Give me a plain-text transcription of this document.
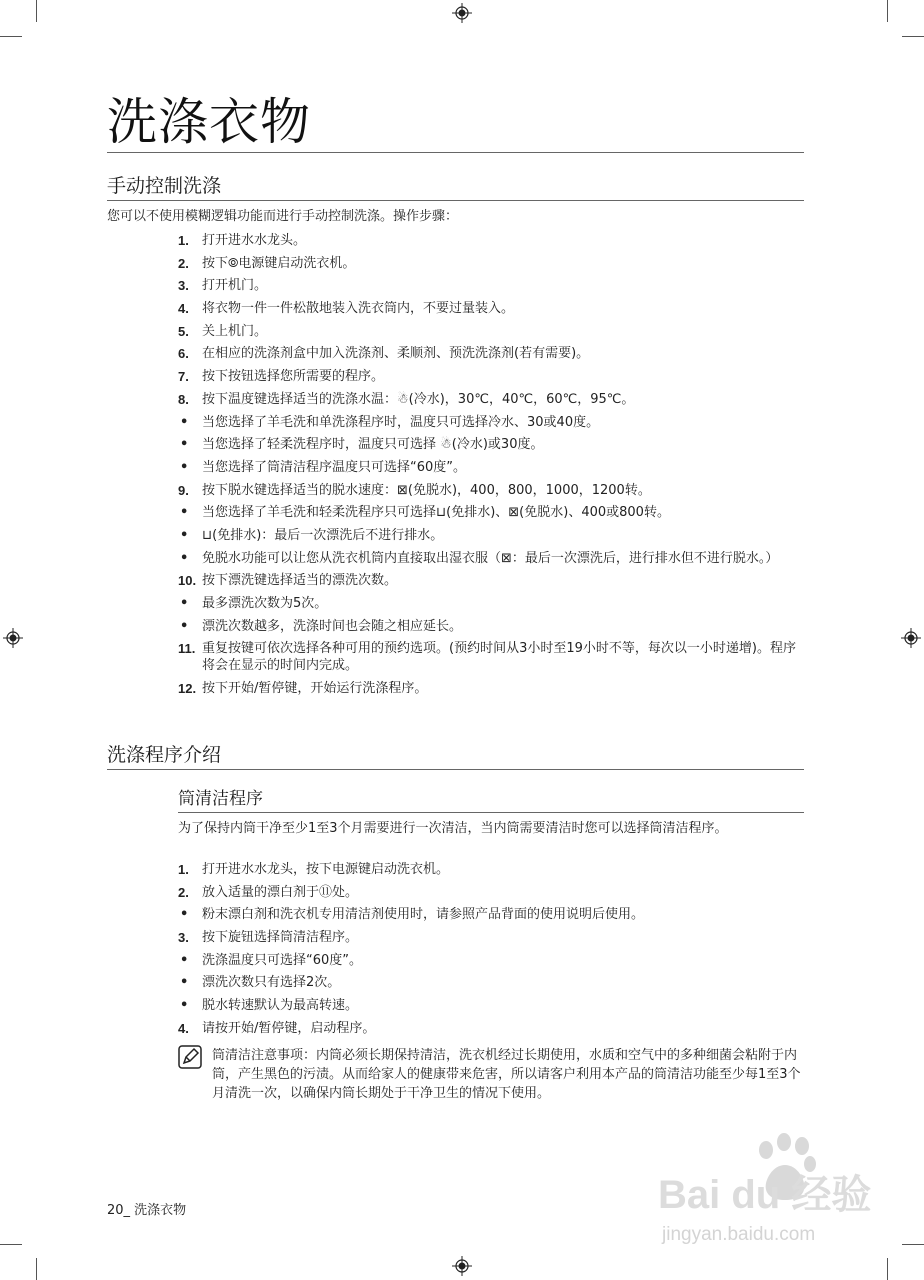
洗涤衣物
手动控制洗涤
您可以不使用模糊逻辑功能而进行手动控制洗涤。操作步骤：
1. 打开进水水龙头。
2. 按下⦾电源键启动洗衣机。
3. 打开机门。
4. 将衣物一件一件松散地装入洗衣筒内，不要过量装入。
5. 关上机门。
6. 在相应的洗涤剂盒中加入洗涤剂、柔顺剂、预洗洗涤剂(若有需要)。
7. 按下按钮选择您所需要的程序。
8. 按下温度键选择适当的洗涤水温：☃(冷水)，30℃，40℃，60℃，95℃。
• 当您选择了羊毛洗和单洗涤程序时，温度只可选择冷水、30或40度。
• 当您选择了轻柔洗程序时，温度只可选择 ☃(冷水)或30度。
• 当您选择了筒清洁程序温度只可选择“60度”。
9. 按下脱水键选择适当的脱水速度：⊠(免脱水)，400，800，1000，1200转。
• 当您选择了羊毛洗和轻柔洗程序只可选择⊔(免排水)、⊠(免脱水)、400或800转。
• ⊔(免排水)：最后一次漂洗后不进行排水。
• 免脱水功能可以让您从洗衣机筒内直接取出湿衣服（⊠：最后一次漂洗后，进行排水但不进行脱水。）
10. 按下漂洗键选择适当的漂洗次数。
• 最多漂洗次数为5次。
• 漂洗次数越多，洗涤时间也会随之相应延长。
11. 重复按键可依次选择各种可用的预约选项。(预约时间从3小时至19小时不等，每次以一小时递增)。程序将会在显示的时间内完成。
12. 按下开始/暂停键，开始运行洗涤程序。
洗涤程序介绍
筒清洁程序
为了保持内筒干净至少1至3个月需要进行一次清洁，当内筒需要清洁时您可以选择筒清洁程序。
1. 打开进水水龙头，按下电源键启动洗衣机。
2. 放入适量的漂白剂于⑪处。
• 粉末漂白剂和洗衣机专用清洁剂使用时，请参照产品背面的使用说明后使用。
3. 按下旋钮选择筒清洁程序。
• 洗涤温度只可选择“60度”。
• 漂洗次数只有选择2次。
• 脱水转速默认为最高转速。
4. 请按开始/暂停键，启动程序。
筒清洁注意事项：内筒必须长期保持清洁，洗衣机经过长期使用，水质和空气中的多种细菌会粘附于内筒，产生黑色的污渍。从而给家人的健康带来危害，所以请客户利用本产品的筒清洁功能至少每1至3个月清洗一次，以确保内筒长期处于干净卫生的情况下使用。
20_ 洗涤衣物	Bai du 经验
jingyan.baidu.com
